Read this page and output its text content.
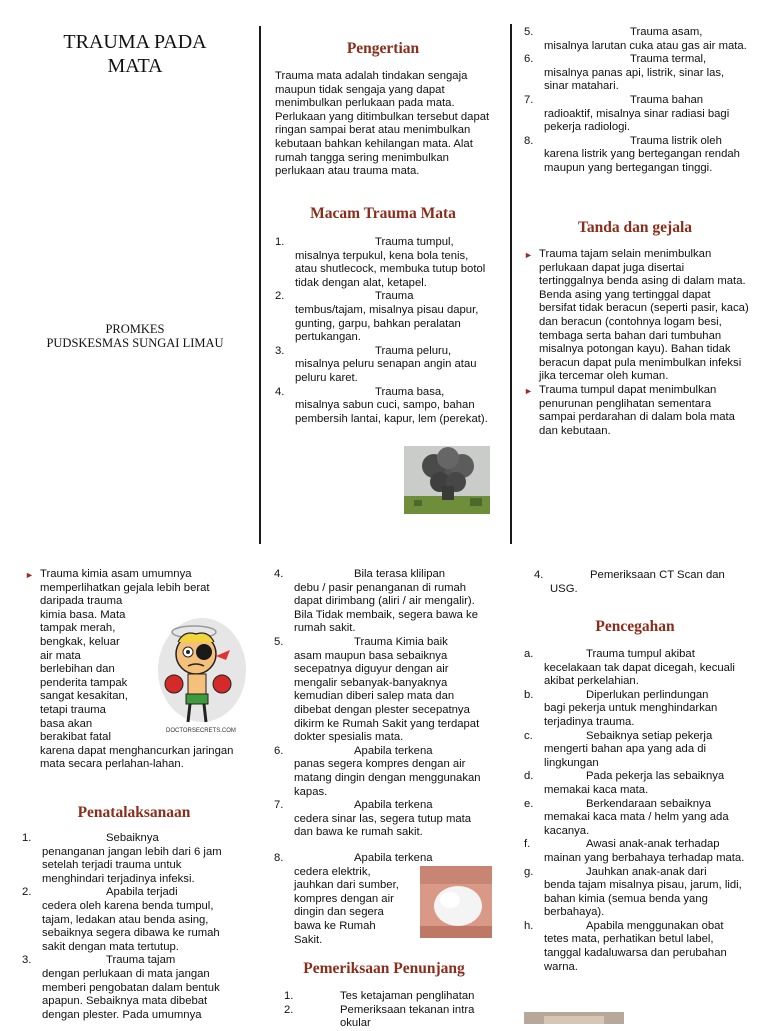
TRAUMA PADA
MATA
PROMKES
PUDSKESMAS SUNGAI LIMAU
Pengertian

Trauma mata adalah tindakan sengaja maupun tidak sengaja yang dapat menimbulkan perlukaan pada mata. Perlukaan yang ditimbulkan tersebut dapat ringan sampai berat atau menimbulkan kebutaan bahkan kehilangan mata. Alat rumah tangga sering menimbulkan perlukaan atau trauma mata.

Macam Trauma Mata
1.	Trauma tumpul,
misalnya terpukul, kena bola tenis, atau shutlecock, membuka tutup botol tidak dengan alat, ketapel.
2.	Trauma
tembus/tajam, misalnya pisau dapur, gunting, garpu, bahkan peralatan pertukangan.
3.	Trauma peluru,
misalnya peluru senapan angin atau peluru karet.
4.	Trauma basa,
misalnya sabun cuci, sampo, bahan pembersih lantai, kapur, lem (perekat).
5.	Trauma asam,
misalnya larutan cuka atau gas air mata.
6.	Trauma termal,
misalnya panas api, listrik, sinar las, sinar matahari.
7.	Trauma bahan
radioaktif, misalnya sinar radiasi bagi pekerja radiologi.
8.	Trauma listrik oleh
karena listrik yang bertegangan rendah maupun yang bertegangan tinggi.
Tanda dan gejala
► Trauma tajam selain menimbulkan perlukaan dapat juga disertai tertinggalnya benda asing di dalam mata. Benda asing yang tertinggal dapat bersifat tidak beracun (seperti pasir, kaca) dan beracun (contohnya logam besi, tembaga serta bahan dari tumbuhan misalnya potongan kayu). Bahan tidak beracun dapat pula menimbulkan infeksi jika tercemar oleh kuman.
► Trauma tumpul dapat menimbulkan penurunan penglihatan sementara sampai perdarahan di dalam bola mata dan kebutaan.
► Trauma kimia asam umumnya
memperlihatkan gejala lebih berat
daripada trauma
kimia basa. Mata
tampak merah,
bengkak, keluar
air mata
berlebihan dan
penderita tampak
sangat kesakitan,
tetapi trauma
basa akan
berakibat fatal
karena dapat menghancurkan jaringan mata secara perlahan-lahan.
DOCTORSECRETS.COM
Penatalaksanaan
1.	Sebaiknya
penanganan jangan lebih dari 6 jam setelah terjadi trauma untuk menghindari terjadinya infeksi.
2.	Apabila terjadi
cedera oleh karena benda tumpul, tajam, ledakan atau benda asing, sebaiknya segera dibawa ke rumah sakit dengan mata tertutup.
3.	Trauma tajam
dengan perlukaan di mata jangan memberi pengobatan dalam bentuk apapun. Sebaiknya mata dibebat dengan plester. Pada umumnya
4.	Bila terasa klilipan
debu / pasir penanganan di rumah dapat dirimbang (aliri / air mengalir). Bila Tidak membaik, segera bawa ke rumah sakit.
5.	Trauma Kimia baik
asam maupun basa sebaiknya secepatnya diguyur dengan air mengalir sebanyak-banyaknya kemudian diberi salep mata dan dibebat dengan plester secepatnya dikirm ke Rumah Sakit yang terdapat dokter spesialis mata.
6.	Apabila terkena
panas segera kompres dengan air matang dingin dengan menggunakan kapas.
7.	Apabila terkena
cedera sinar las, segera tutup mata dan bawa ke rumah sakit.
8.	Apabila terkena
cedera elektrik,
jauhkan dari sumber,
kompres dengan air
dingin dan segera
bawa ke Rumah
Sakit.
Pemeriksaan Penunjang
1.	Tes ketajaman penglihatan
2.	Pemeriksaan tekanan intra okular
4.	Pemeriksaan CT Scan dan
USG.
Pencegahan
a.	Trauma tumpul akibat
kecelakaan tak dapat dicegah, kecuali akibat perkelahian.
b.	Diperlukan perlindungan
bagi pekerja untuk menghindarkan terjadinya trauma.
c.	Sebaiknya setiap pekerja
mengerti bahan apa yang ada di lingkungan
d.	Pada pekerja las sebaiknya
memakai kaca mata.
e.	Berkendaraan sebaiknya
memakai kaca mata / helm yang ada kacanya.
f.	Awasi anak-anak terhadap
mainan yang berbahaya terhadap mata.
g.	Jauhkan anak-anak dari
benda tajam misalnya pisau, jarum, lidi, bahan kimia (semua benda yang berbahaya).
h.	Apabila menggunakan obat
tetes mata, perhatikan betul label, tanggal kadaluwarsa dan perubahan warna.
